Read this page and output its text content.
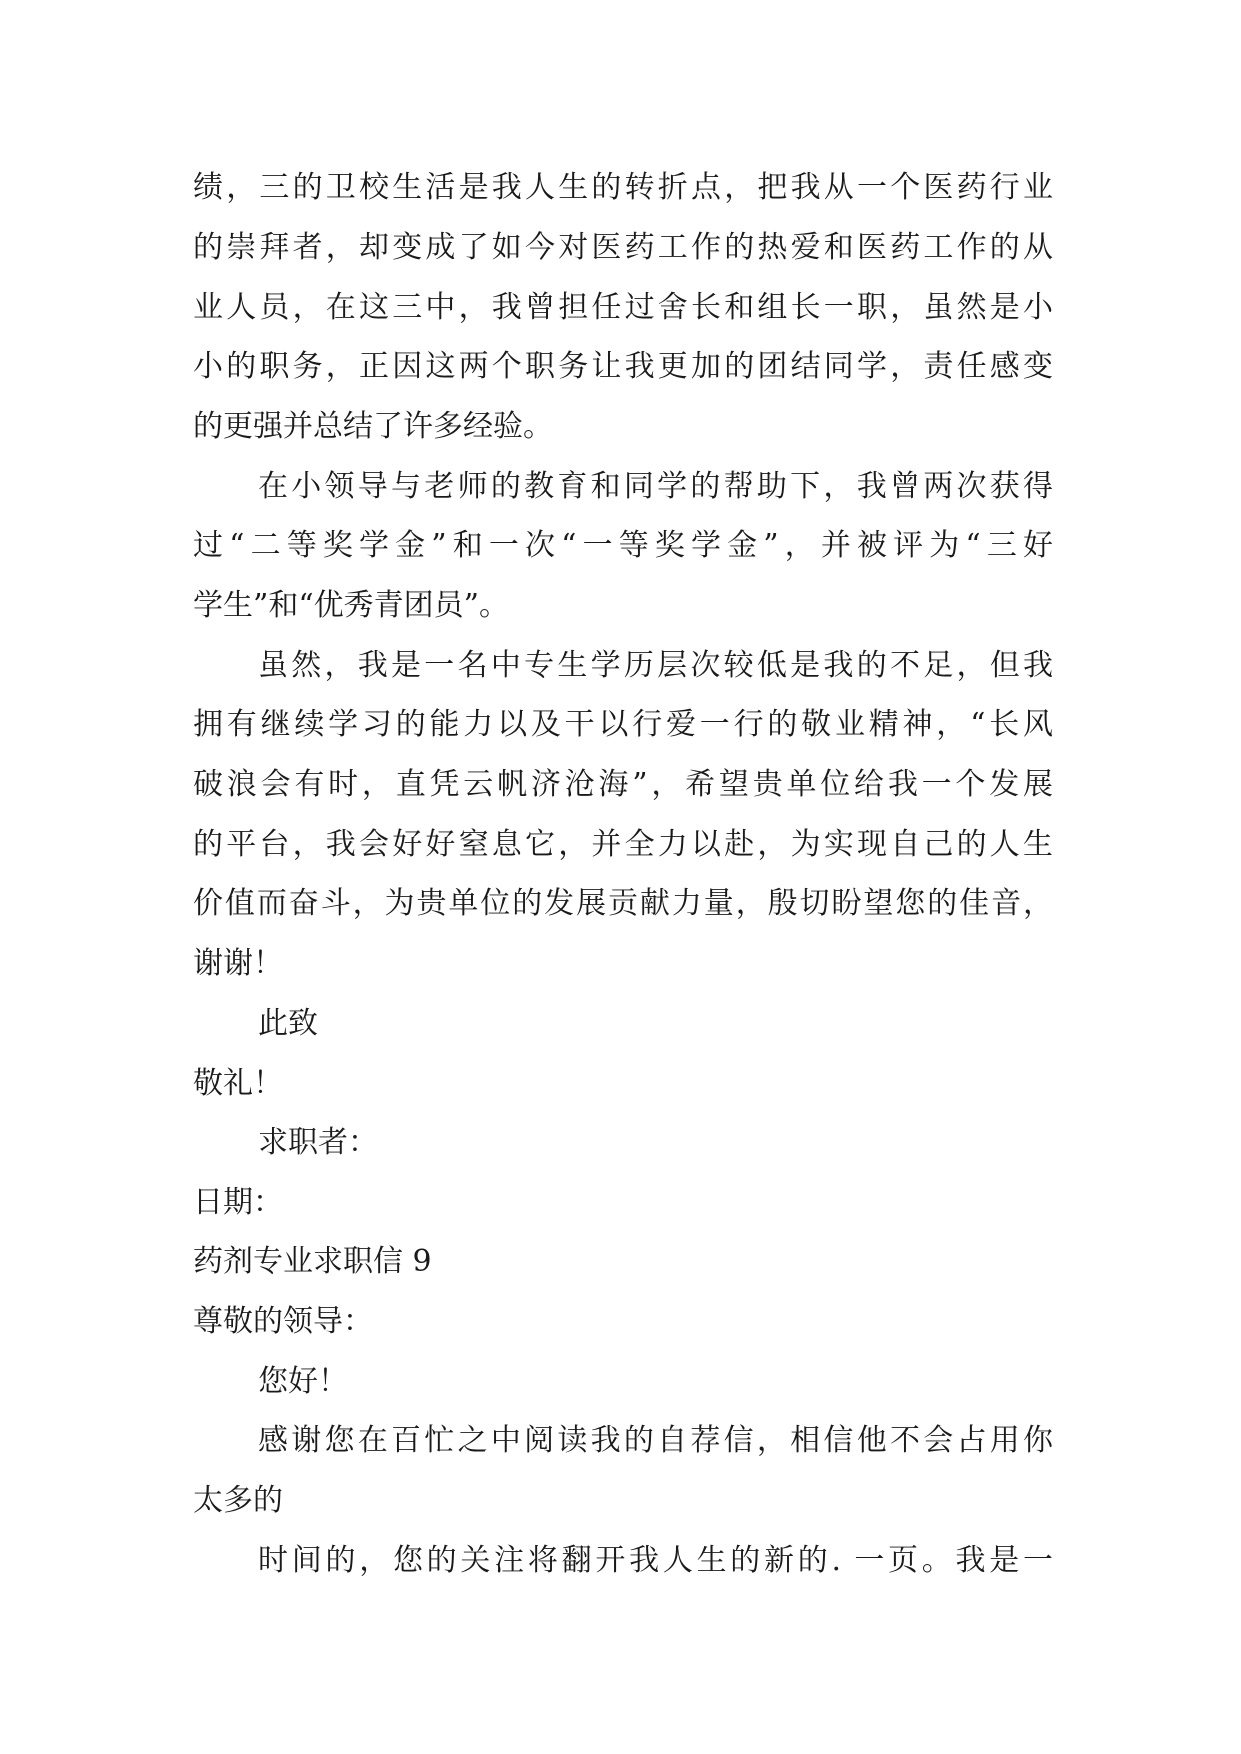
绩，三的卫校生活是我人生的转折点，把我从一个医药行业
的崇拜者，却变成了如今对医药工作的热爱和医药工作的从
业人员，在这三中，我曾担任过舍长和组长一职，虽然是小
小的职务，正因这两个职务让我更加的团结同学，责任感变
的更强并总结了许多经验。
在小领导与老师的教育和同学的帮助下，我曾两次获得
过“二等奖学金”和一次“一等奖学金”，并被评为“三好
学生”和“优秀青团员”。
虽然，我是一名中专生学历层次较低是我的不足，但我
拥有继续学习的能力以及干以行爱一行的敬业精神，“长风
破浪会有时，直凭云帆济沧海”，希望贵单位给我一个发展
的平台，我会好好窒息它，并全力以赴，为实现自己的人生
价值而奋斗，为贵单位的发展贡献力量，殷切盼望您的佳音，
谢谢！
此致
敬礼！
求职者：
日期：
药剂专业求职信 9
尊敬的领导：
您好！
感谢您在百忙之中阅读我的自荐信，相信他不会占用你
太多的
时间的，您的关注将翻开我人生的新的. 一页。我是一
